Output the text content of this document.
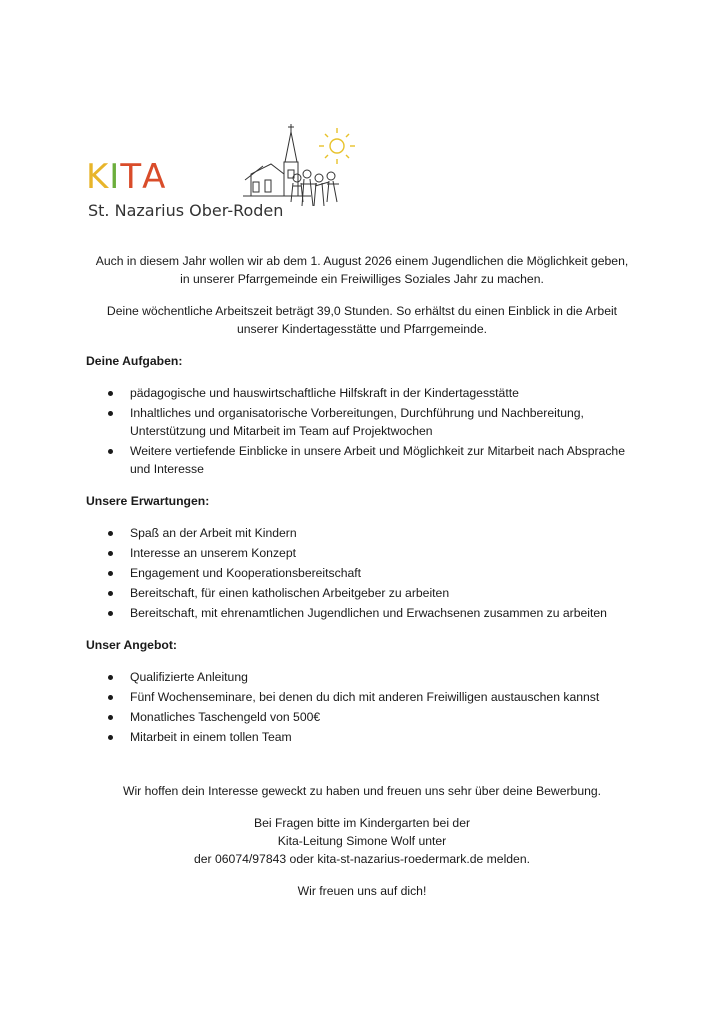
KITA
St. Nazarius Ober-Roden

Auch in diesem Jahr wollen wir ab dem 1. August 2026 einem Jugendlichen die Möglichkeit geben,

in unserer Pfarrgemeinde ein Freiwilliges Soziales Jahr zu machen.

Deine wöchentliche Arbeitszeit beträgt 39,0 Stunden. So erhältst du einen Einblick in die Arbeit

unserer Kindertagesstätte und Pfarrgemeinde.

Deine Aufgaben:
pädagogische und hauswirtschaftliche Hilfskraft in der Kindertagesstätte
Inhaltliches und organisatorische Vorbereitungen, Durchführung und Nachbereitung, Unterstützung und Mitarbeit im Team auf Projektwochen
Weitere vertiefende Einblicke in unsere Arbeit und Möglichkeit zur Mitarbeit nach Absprache und Interesse
Unsere Erwartungen:
Spaß an der Arbeit mit Kindern
Interesse an unserem Konzept
Engagement und Kooperationsbereitschaft
Bereitschaft, für einen katholischen Arbeitgeber zu arbeiten
Bereitschaft, mit ehrenamtlichen Jugendlichen und Erwachsenen zusammen zu arbeiten
Unser Angebot:
Qualifizierte Anleitung
Fünf Wochenseminare, bei denen du dich mit anderen Freiwilligen austauschen kannst
Monatliches Taschengeld von 500€
Mitarbeit in einem tollen Team

Wir hoffen dein Interesse geweckt zu haben und freuen uns sehr über deine Bewerbung.

Bei Fragen bitte im Kindergarten bei der

Kita-Leitung Simone Wolf unter

der 06074/97843 oder kita-st-nazarius-roedermark.de melden.

Wir freuen uns auf dich!
